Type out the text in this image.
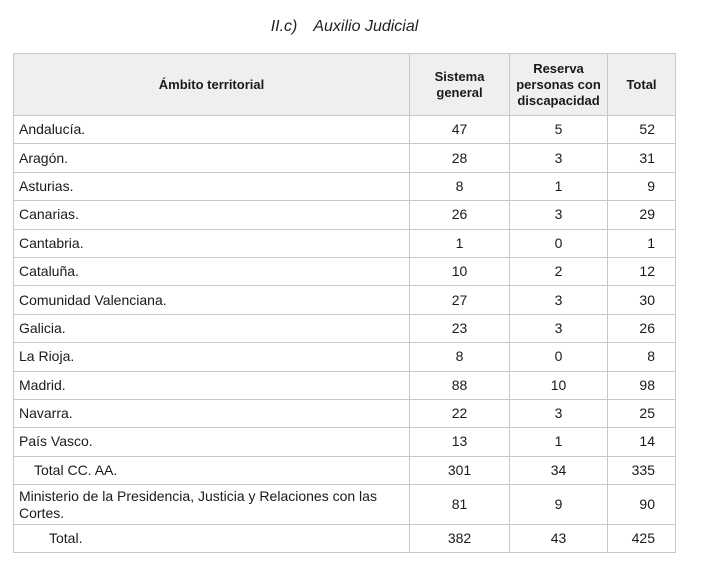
II.c) Auxilio Judicial
Ámbito territorial	Sistema general	Reserva personas con discapacidad	Total
Andalucía.	47	5	52
Aragón.	28	3	31
Asturias.	8	1	9
Canarias.	26	3	29
Cantabria.	1	0	1
Cataluña.	10	2	12
Comunidad Valenciana.	27	3	30
Galicia.	23	3	26
La Rioja.	8	0	8
Madrid.	88	10	98
Navarra.	22	3	25
País Vasco.	13	1	14
Total CC. AA.	301	34	335
Ministerio de la Presidencia, Justicia y Relaciones con las Cortes.	81	9	90
Total.	382	43	425
